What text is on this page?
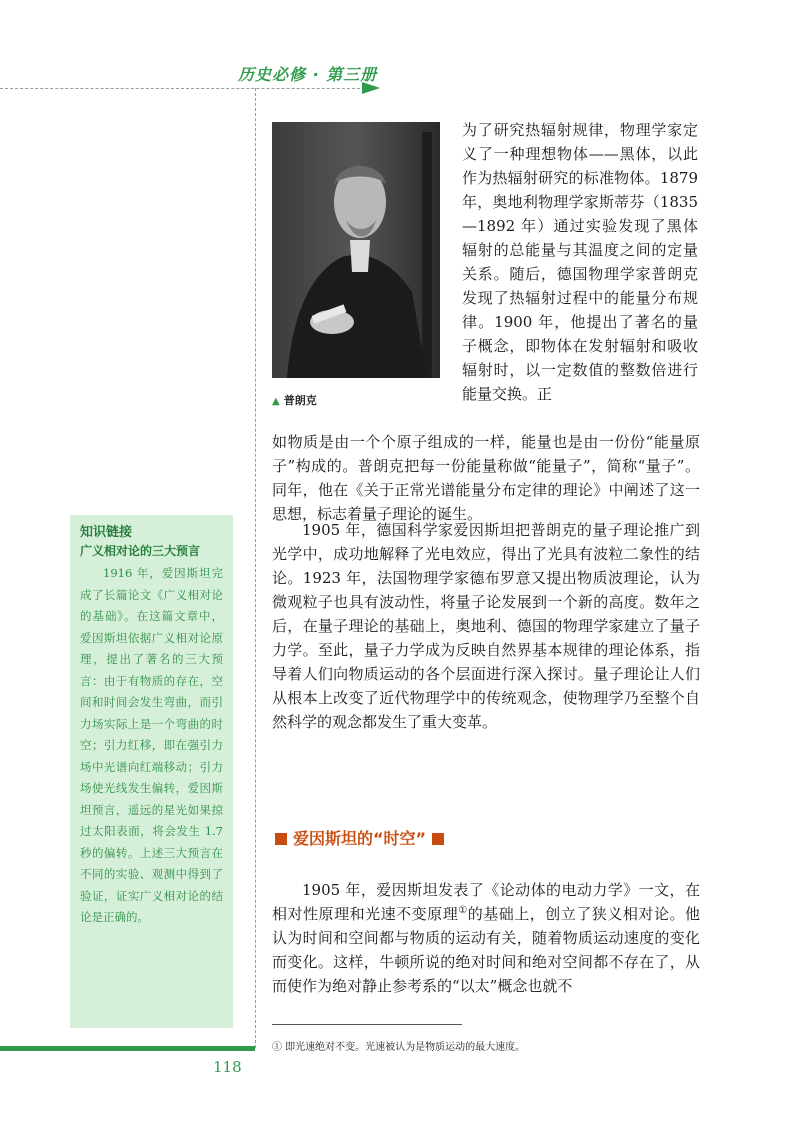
历史必修 · 第三册
▲ 普朗克
为了研究热辐射规律，物理学家定义了一种理想物体——黑体，以此作为热辐射研究的标准物体。1879 年，奥地利物理学家斯蒂芬（1835—1892 年）通过实验发现了黑体辐射的总能量与其温度之间的定量关系。随后，德国物理学家普朗克发现了热辐射过程中的能量分布规律。1900 年，他提出了著名的量子概念，即物体在发射辐射和吸收辐射时，以一定数值的整数倍进行能量交换。正
如物质是由一个个原子组成的一样，能量也是由一份份“能量原子”构成的。普朗克把每一份能量称做“能量子”，简称“量子”。同年，他在《关于正常光谱能量分布定律的理论》中阐述了这一思想，标志着量子理论的诞生。
1905 年，德国科学家爱因斯坦把普朗克的量子理论推广到光学中，成功地解释了光电效应，得出了光具有波粒二象性的结论。1923 年，法国物理学家德布罗意又提出物质波理论，认为微观粒子也具有波动性，将量子论发展到一个新的高度。数年之后，在量子理论的基础上，奥地利、德国的物理学家建立了量子力学。至此，量子力学成为反映自然界基本规律的理论体系，指导着人们向物质运动的各个层面进行深入探讨。量子理论让人们从根本上改变了近代物理学中的传统观念，使物理学乃至整个自然科学的观念都发生了重大变革。
爱因斯坦的“时空”
1905 年，爱因斯坦发表了《论动体的电动力学》一文，在相对性原理和光速不变原理①的基础上，创立了狭义相对论。他认为时间和空间都与物质的运动有关，随着物质运动速度的变化而变化。这样，牛顿所说的绝对时间和绝对空间都不存在了，从而使作为绝对静止参考系的“以太”概念也就不
① 即光速绝对不变。光速被认为是物质运动的最大速度。
知识链接
广义相对论的三大预言
1916 年，爱因斯坦完成了长篇论文《广义相对论的基础》。在这篇文章中，爱因斯坦依据广义相对论原理，提出了著名的三大预言：由于有物质的存在，空间和时间会发生弯曲，而引力场实际上是一个弯曲的时空；引力红移，即在强引力场中光谱向红端移动；引力场使光线发生偏转，爱因斯坦预言，遥远的星光如果掠过太阳表面，将会发生 1.7 秒的偏转。上述三大预言在不同的实验、观测中得到了验证，证实广义相对论的结论是正确的。
118
